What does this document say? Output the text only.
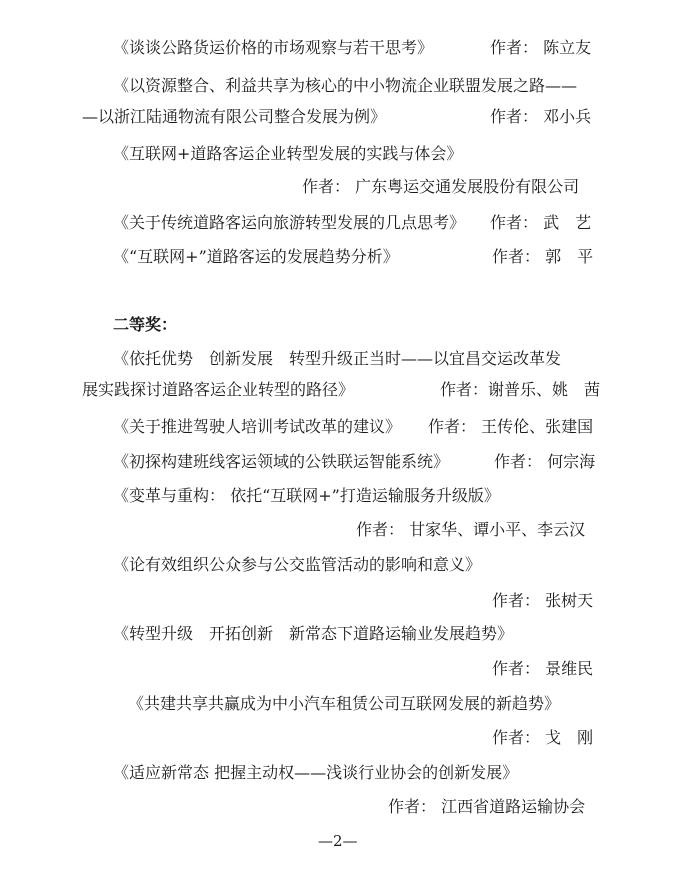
《谈谈公路货运价格的市场观察与若干思考》

	作者： 陈立友

《以资源整合、利益共享为核心的中小物流企业联盟发展之路——

—以浙江陆通物流有限公司整合发展为例》

	作者： 邓小兵

《互联网+道路客运企业转型发展的实践与体会》

作者： 广东粤运交通发展股份有限公司

《关于传统道路客运向旅游转型发展的几点思考》

作者： 武　艺

《“互联网+”道路客运的发展趋势分析》

	作者： 郭　平

二等奖：

《依托优势　创新发展　转型升级正当时——以宜昌交运改革发

展实践探讨道路客运企业转型的路径》

	作者：谢普乐、姚　茜

《关于推进驾驶人培训考试改革的建议》

作者： 王传伦、张建国

《初探构建班线客运领域的公铁联运智能系统》

	作者： 何宗海

《变革与重构： 依托“互联网+”打造运输服务升级版》

作者： 甘家华、谭小平、李云汉

《论有效组织公众参与公交监管活动的影响和意义》

作者： 张树天

《转型升级　开拓创新　新常态下道路运输业发展趋势》

作者： 景维民

《共建共享共赢成为中小汽车租赁公司互联网发展的新趋势》

作者： 戈　刚

《适应新常态 把握主动权——浅谈行业协会的创新发展》

作者： 江西省道路运输协会

—2—
